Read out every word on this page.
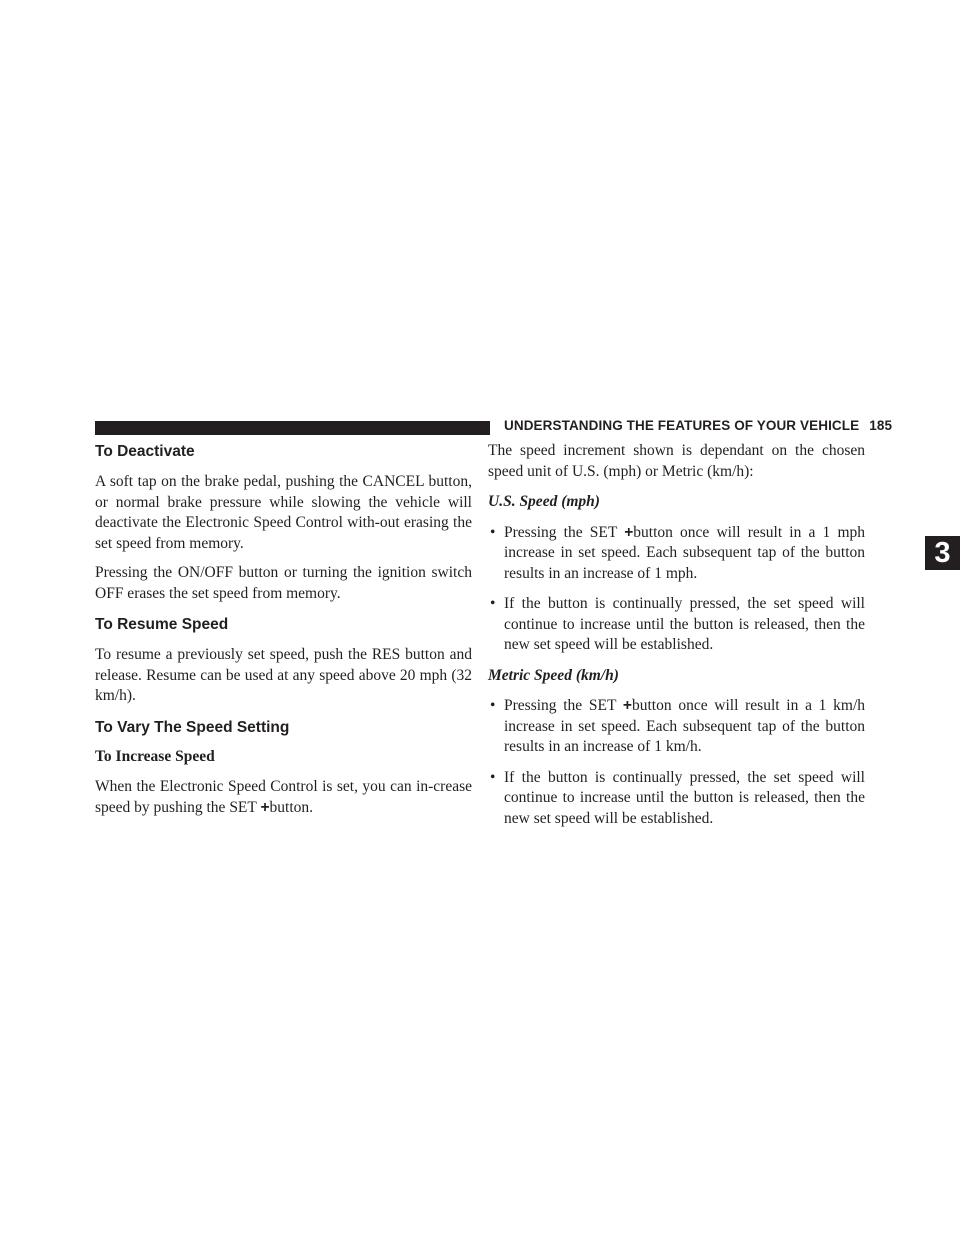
UNDERSTANDING THE FEATURES OF YOUR VEHICLE 185
3
To Deactivate

A soft tap on the brake pedal, pushing the CANCEL button, or normal brake pressure while slowing the vehicle will deactivate the Electronic Speed Control with-out erasing the set speed from memory.

Pressing the ON/OFF button or turning the ignition switch OFF erases the set speed from memory.

To Resume Speed

To resume a previously set speed, push the RES button and release. Resume can be used at any speed above 20 mph (32 km/h).

To Vary The Speed Setting

To Increase Speed

When the Electronic Speed Control is set, you can in-crease speed by pushing the SET +button.

The speed increment shown is dependant on the chosen speed unit of U.S. (mph) or Metric (km/h):

U.S. Speed (mph)

• Pressing the SET +button once will result in a 1 mph increase in set speed. Each subsequent tap of the button results in an increase of 1 mph.
• If the button is continually pressed, the set speed will continue to increase until the button is released, then the new set speed will be established.

Metric Speed (km/h)

• Pressing the SET +button once will result in a 1 km/h increase in set speed. Each subsequent tap of the button results in an increase of 1 km/h.
• If the button is continually pressed, the set speed will continue to increase until the button is released, then the new set speed will be established.
